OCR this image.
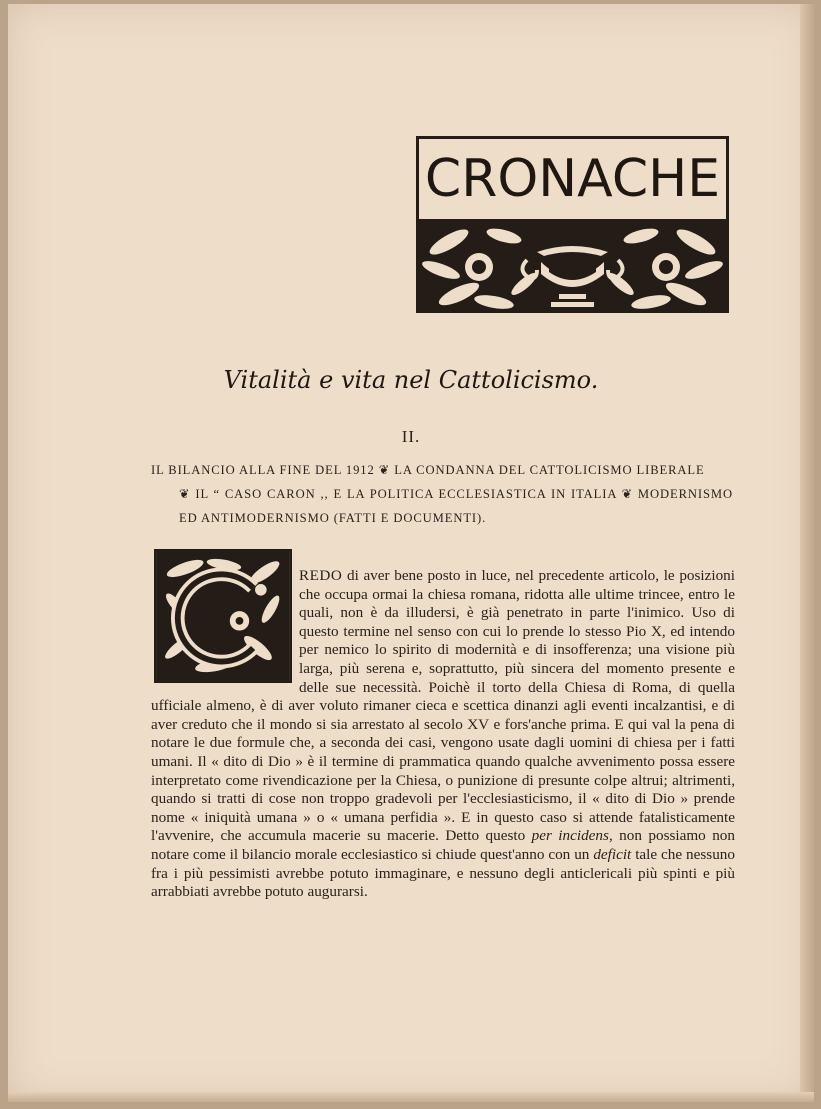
CRONACHE
Vitalità e vita nel Cattolicismo.
II.
IL BILANCIO ALLA FINE DEL 1912 ❦ LA CONDANNA DEL CATTOLICISMO LIBERALE
❦ IL “ CASO CARON ,, E LA POLITICA ECCLESIASTICA IN ITALIA ❦ MODERNISMO ED ANTIMODERNISMO (FATTI E DOCUMENTI).

REDO di aver bene posto in luce, nel precedente articolo, le posizioni che occupa ormai la chiesa romana, ridotta alle ultime trincee, entro le quali, non è da illudersi, è già penetrato in parte l'inimico. Uso di questo termine nel senso con cui lo prende lo stesso Pio X, ed intendo per nemico lo spirito di modernità e di insofferenza; una visione più larga, più serena e, soprattutto, più sincera del momento presente e delle sue necessità. Poichè il torto della Chiesa di Roma, di quella ufficiale almeno, è di aver voluto rimaner cieca e scettica dinanzi agli eventi incalzantisi, e di aver creduto che il mondo si sia arrestato al secolo XV e fors'anche prima. E qui val la pena di notare le due formule che, a seconda dei casi, vengono usate dagli uomini di chiesa per i fatti umani. Il « dito di Dio » è il termine di prammatica quando qualche avvenimento possa essere interpretato come rivendicazione per la Chiesa, o punizione di presunte colpe altrui; altrimenti, quando si tratti di cose non troppo gradevoli per l'ecclesiasticismo, il « dito di Dio » prende nome « iniquità umana » o « umana perfidia ». E in questo caso si attende fatalisticamente l'avvenire, che accumula macerie su macerie. Detto questo per incidens, non possiamo non notare come il bilancio morale ecclesiastico si chiude quest'anno con un deficit tale che nessuno fra i più pessimisti avrebbe potuto immaginare, e nessuno degli anticlericali più spinti e più arrabbiati avrebbe potuto augurarsi.
